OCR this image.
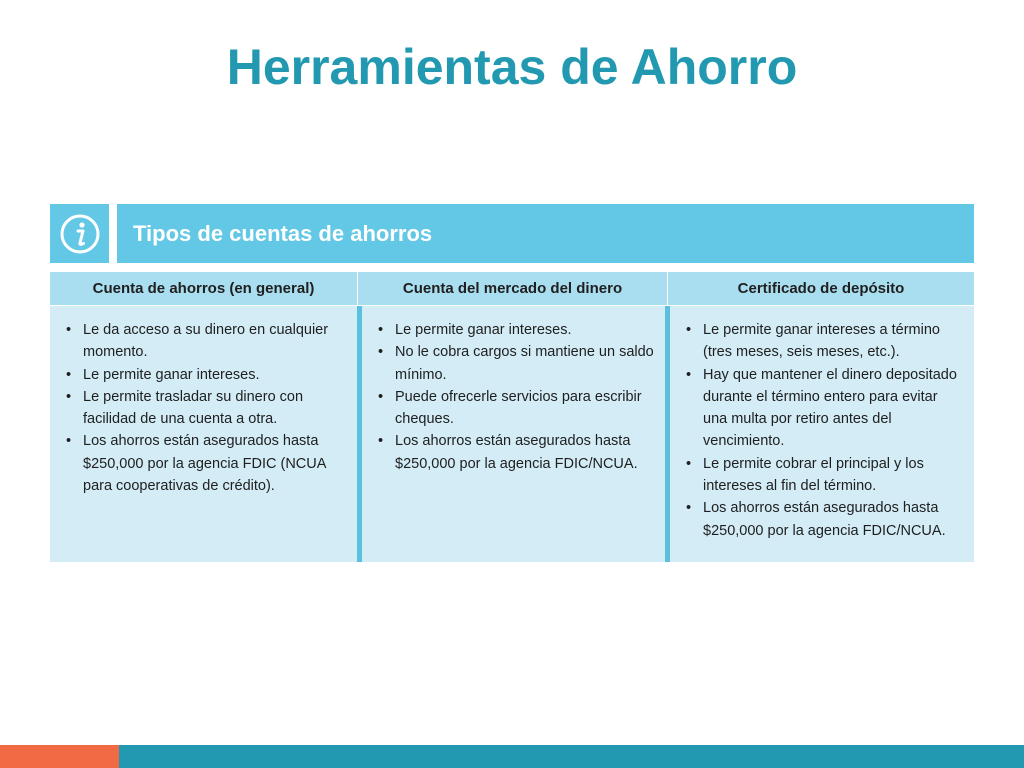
Herramientas de Ahorro
Tipos de cuentas de ahorros
Cuenta de ahorros (en general)	Cuenta del mercado del dinero	Certificado de depósito
• Le da acceso a su dinero en cualquier momento.
• Le permite ganar intereses.
• Le permite trasladar su dinero con facilidad de una cuenta a otra.
• Los ahorros están asegurados hasta $250,000 por la agencia FDIC (NCUA para cooperativas de crédito).
• Le permite ganar intereses.
• No le cobra cargos si mantiene un saldo mínimo.
• Puede ofrecerle servicios para escribir cheques.
• Los ahorros están asegurados hasta $250,000 por la agencia FDIC/NCUA.
• Le permite ganar intereses a término (tres meses, seis meses, etc.).
• Hay que mantener el dinero depositado durante el término entero para evitar una multa por retiro antes del vencimiento.
• Le permite cobrar el principal y los intereses al fin del término.
• Los ahorros están asegurados hasta $250,000 por la agencia FDIC/NCUA.
